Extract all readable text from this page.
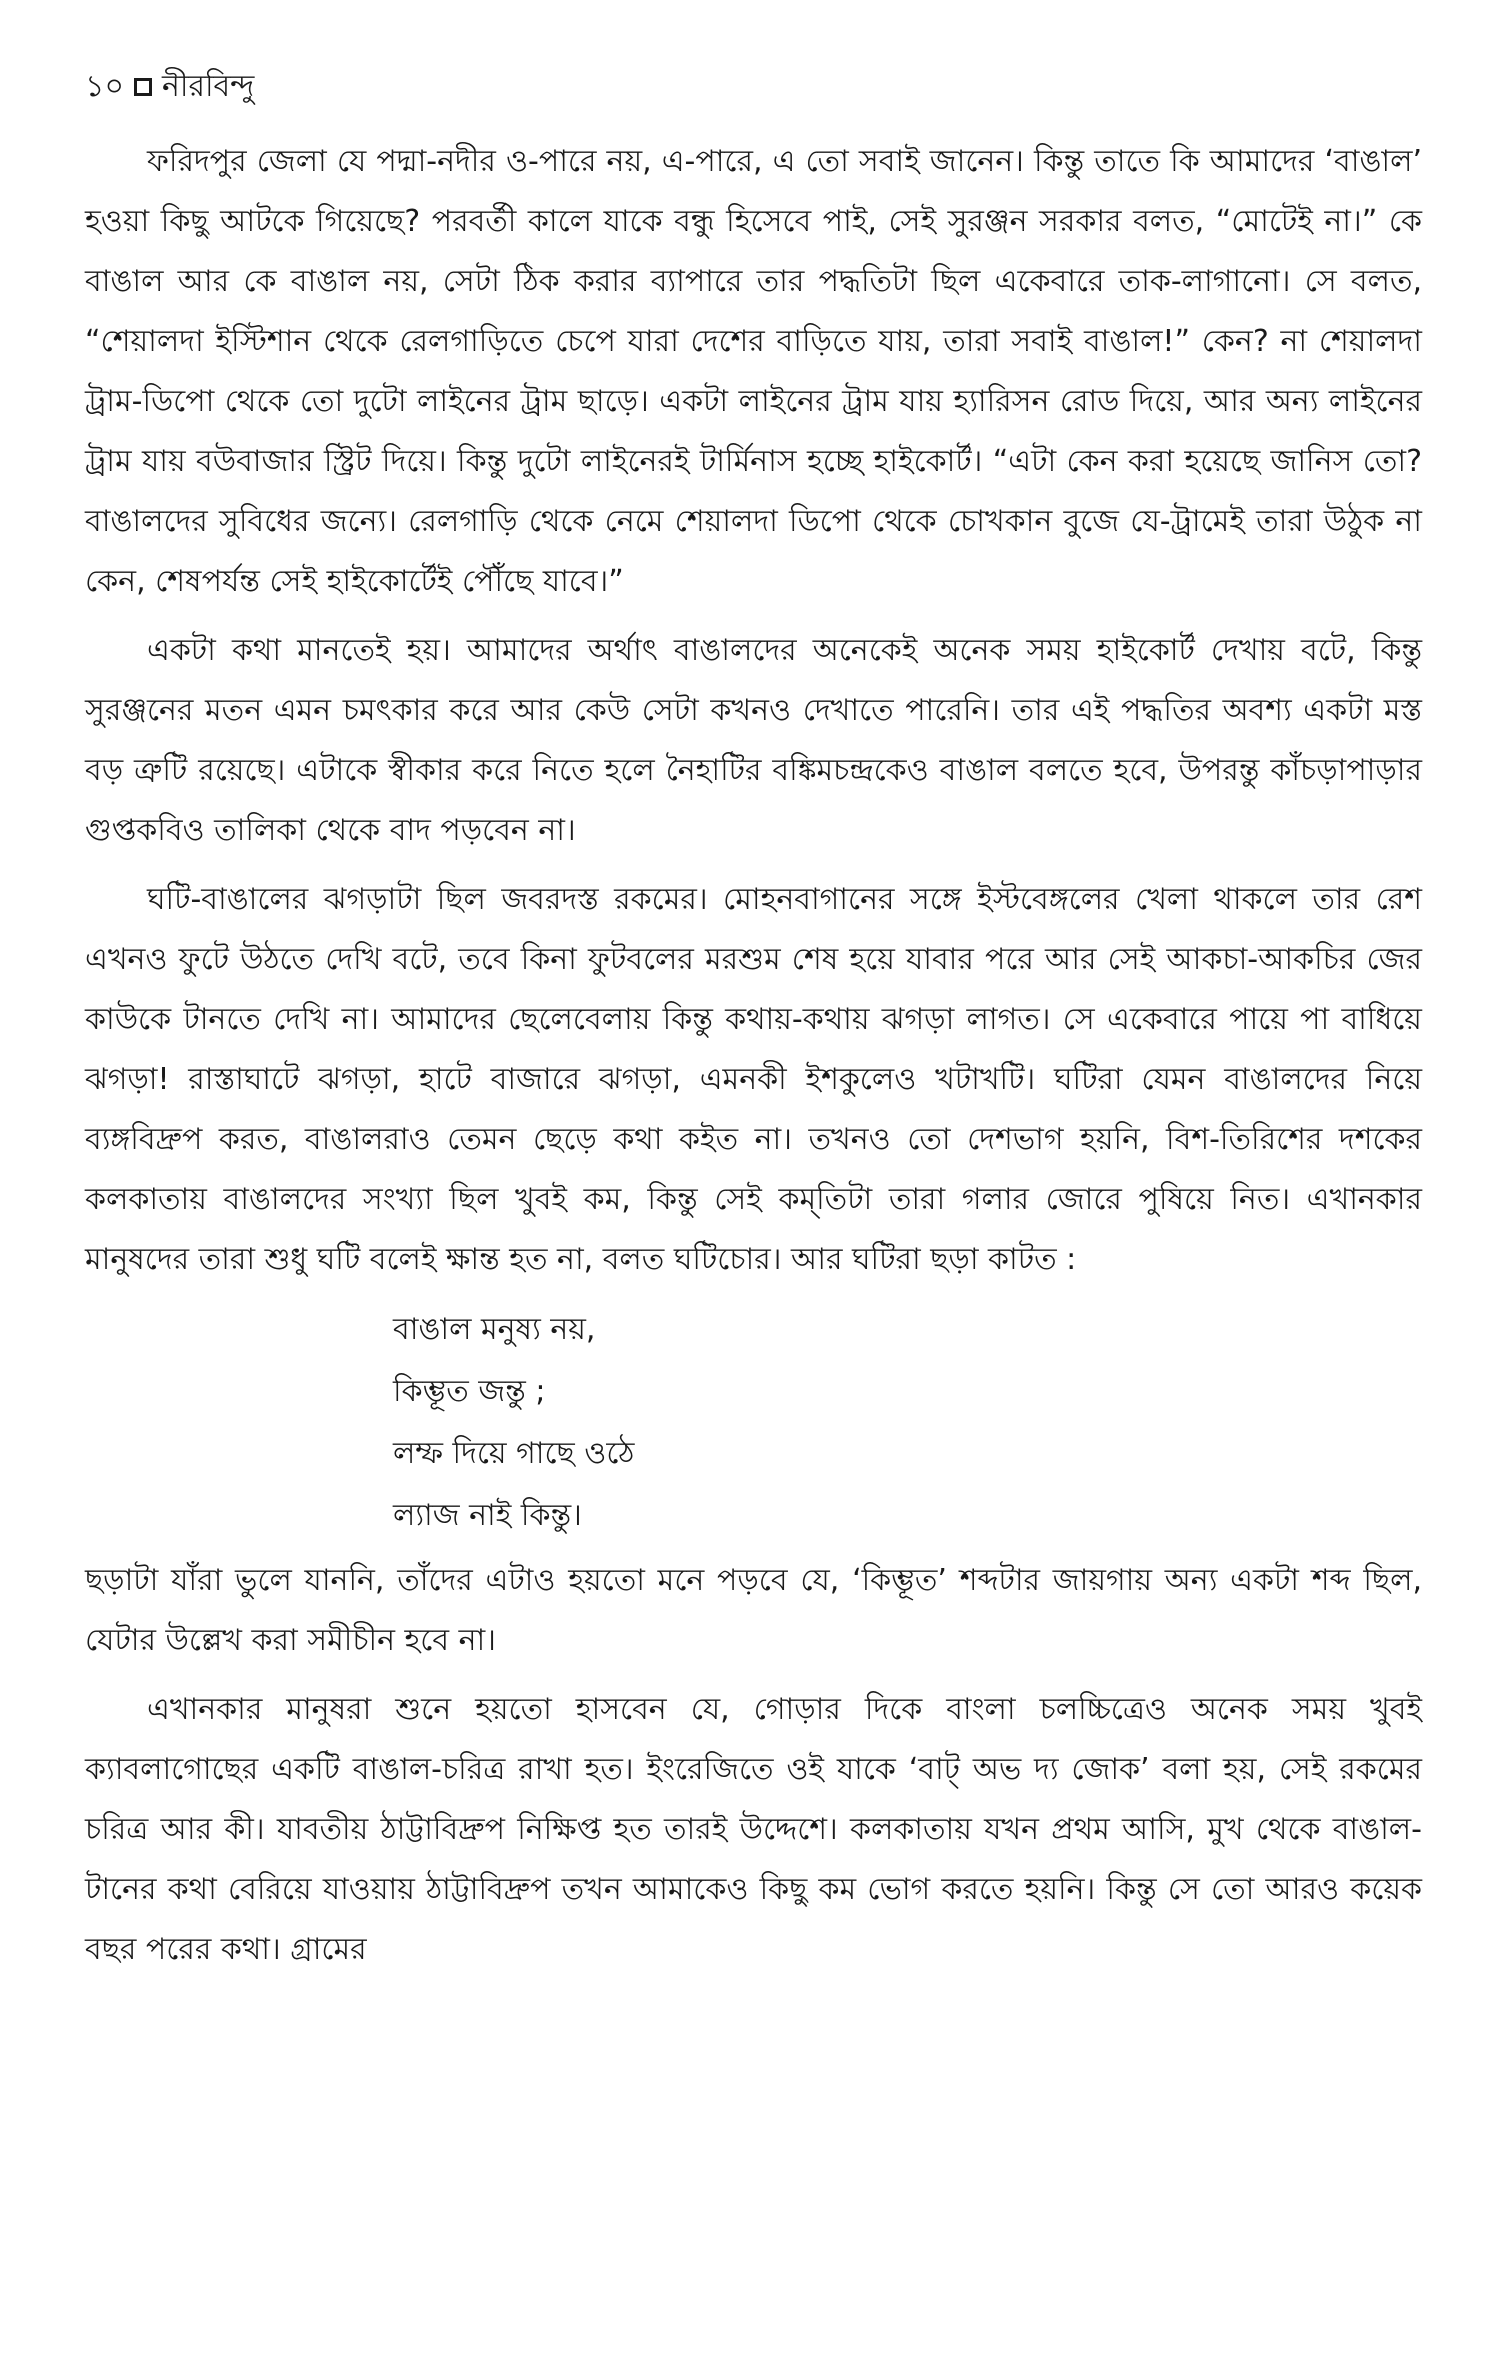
১০ নীরবিন্দু

ফরিদপুর জেলা যে পদ্মা-নদীর ও-পারে নয়, এ-পারে, এ তো সবাই জানেন। কিন্তু তাতে কি আমাদের ‘বাঙাল’ হওয়া কিছু আটকে গিয়েছে? পরবর্তী কালে যাকে বন্ধু হিসেবে পাই, সেই সুরঞ্জন সরকার বলত, “মোটেই না।” কে বাঙাল আর কে বাঙাল নয়, সেটা ঠিক করার ব্যাপারে তার পদ্ধতিটা ছিল একেবারে তাক-লাগানো। সে বলত, “শেয়ালদা ইস্টিশান থেকে রেলগাড়িতে চেপে যারা দেশের বাড়িতে যায়, তারা সবাই বাঙাল!” কেন? না শেয়ালদা ট্রাম-ডিপো থেকে তো দুটো লাইনের ট্রাম ছাড়ে। একটা লাইনের ট্রাম যায় হ্যারিসন রোড দিয়ে, আর অন্য লাইনের ট্রাম যায় বউবাজার স্ট্রিট দিয়ে। কিন্তু দুটো লাইনেরই টার্মিনাস হচ্ছে হাইকোর্ট। “এটা কেন করা হয়েছে জানিস তো? বাঙালদের সুবিধের জন্যে। রেলগাড়ি থেকে নেমে শেয়ালদা ডিপো থেকে চোখকান বুজে যে-ট্রামেই তারা উঠুক না কেন, শেষপর্যন্ত সেই হাইকোর্টেই পৌঁছে যাবে।”

একটা কথা মানতেই হয়। আমাদের অর্থাৎ বাঙালদের অনেকেই অনেক সময় হাইকোর্ট দেখায় বটে, কিন্তু সুরঞ্জনের মতন এমন চমৎকার করে আর কেউ সেটা কখনও দেখাতে পারেনি। তার এই পদ্ধতির অবশ্য একটা মস্ত বড় ত্রুটি রয়েছে। এটাকে স্বীকার করে নিতে হলে নৈহাটির বঙ্কিমচন্দ্রকেও বাঙাল বলতে হবে, উপরন্তু কাঁচড়াপাড়ার গুপ্তকবিও তালিকা থেকে বাদ পড়বেন না।

ঘটি-বাঙালের ঝগড়াটা ছিল জবরদস্ত রকমের। মোহনবাগানের সঙ্গে ইস্টবেঙ্গলের খেলা থাকলে তার রেশ এখনও ফুটে উঠতে দেখি বটে, তবে কিনা ফুটবলের মরশুম শেষ হয়ে যাবার পরে আর সেই আকচা-আকচির জের কাউকে টানতে দেখি না। আমাদের ছেলেবেলায় কিন্তু কথায়-কথায় ঝগড়া লাগত। সে একেবারে পায়ে পা বাধিয়ে ঝগড়া! রাস্তাঘাটে ঝগড়া, হাটে বাজারে ঝগড়া, এমনকী ইশকুলেও খটাখটি। ঘটিরা যেমন বাঙালদের নিয়ে ব্যঙ্গবিদ্রুপ করত, বাঙালরাও তেমন ছেড়ে কথা কইত না। তখনও তো দেশভাগ হয়নি, বিশ-তিরিশের দশকের কলকাতায় বাঙালদের সংখ্যা ছিল খুবই কম, কিন্তু সেই কম্‌তিটা তারা গলার জোরে পুষিয়ে নিত। এখানকার মানুষদের তারা শুধু ঘটি বলেই ক্ষান্ত হত না, বলত ঘটিচোর। আর ঘটিরা ছড়া কাটত :

বাঙাল মনুষ্য নয়,
কিম্ভূত জন্তু ;
লম্ফ দিয়ে গাছে ওঠে
ল্যাজ নাই কিন্তু।

ছড়াটা যাঁরা ভুলে যাননি, তাঁদের এটাও হয়তো মনে পড়বে যে, ‘কিম্ভূত’ শব্দটার জায়গায় অন্য একটা শব্দ ছিল, যেটার উল্লেখ করা সমীচীন হবে না।

এখানকার মানুষরা শুনে হয়তো হাসবেন যে, গোড়ার দিকে বাংলা চলচ্চিত্রেও অনেক সময় খুবই ক্যাবলাগোছের একটি বাঙাল-চরিত্র রাখা হত। ইংরেজিতে ওই যাকে ‘বাট্‌ অভ দ্য জোক’ বলা হয়, সেই রকমের চরিত্র আর কী। যাবতীয় ঠাট্টাবিদ্রুপ নিক্ষিপ্ত হত তারই উদ্দেশে। কলকাতায় যখন প্রথম আসি, মুখ থেকে বাঙাল-টানের কথা বেরিয়ে যাওয়ায় ঠাট্টাবিদ্রুপ তখন আমাকেও কিছু কম ভোগ করতে হয়নি। কিন্তু সে তো আরও কয়েক বছর পরের কথা। গ্রামের
